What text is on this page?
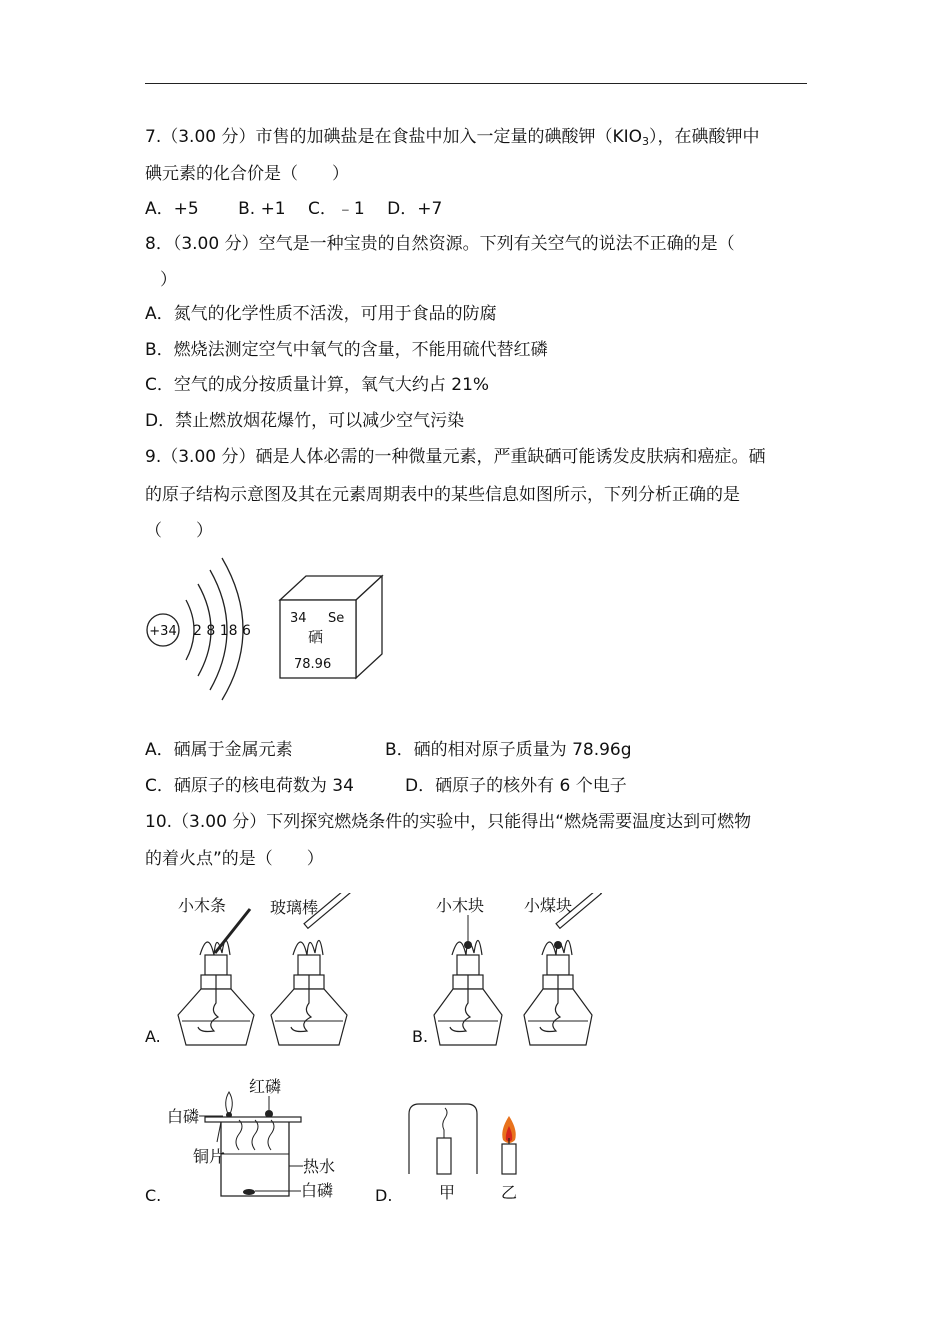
7.（3.00 分）市售的加碘盐是在食盐中加入一定量的碘酸钾$(KIO_3)$，在碘酸钾中
碘元素的化合价是（　　）
A．+5　　 B. +1　 C．﹣1　 D．+7
8．（3.00 分）空气是一种宝贵的自然资源。下列有关空气的说法不正确的是（
）
A．氮气的化学性质不活泼，可用于食品的防腐
B．燃烧法测定空气中氧气的含量，不能用硫代替红磷
C．空气的成分按质量计算，氧气大约占 21%
D．禁止燃放烟花爆竹，可以减少空气污染
9.（3.00 分）硒是人体必需的一种微量元素，严重缺硒可能诱发皮肤病和癌症。硒
的原子结构示意图及其在元素周期表中的某些信息如图所示，下列分析正确的是
（　　）
+34 2 8 18 6
34 Se
硒
78.96
A．硒属于金属元素	B．硒的相对原子质量为 78.96g
C．硒原子的核电荷数为 34	D．硒原子的核外有 6 个电子
10.（3.00 分）下列探究燃烧条件的实验中，只能得出“燃烧需要温度达到可燃物
的着火点”的是（　　）
小木条	玻璃棒
A.
小木块 小煤块
B.
红磷
白磷
铜片
热水
白磷
C.	甲	乙
D.
